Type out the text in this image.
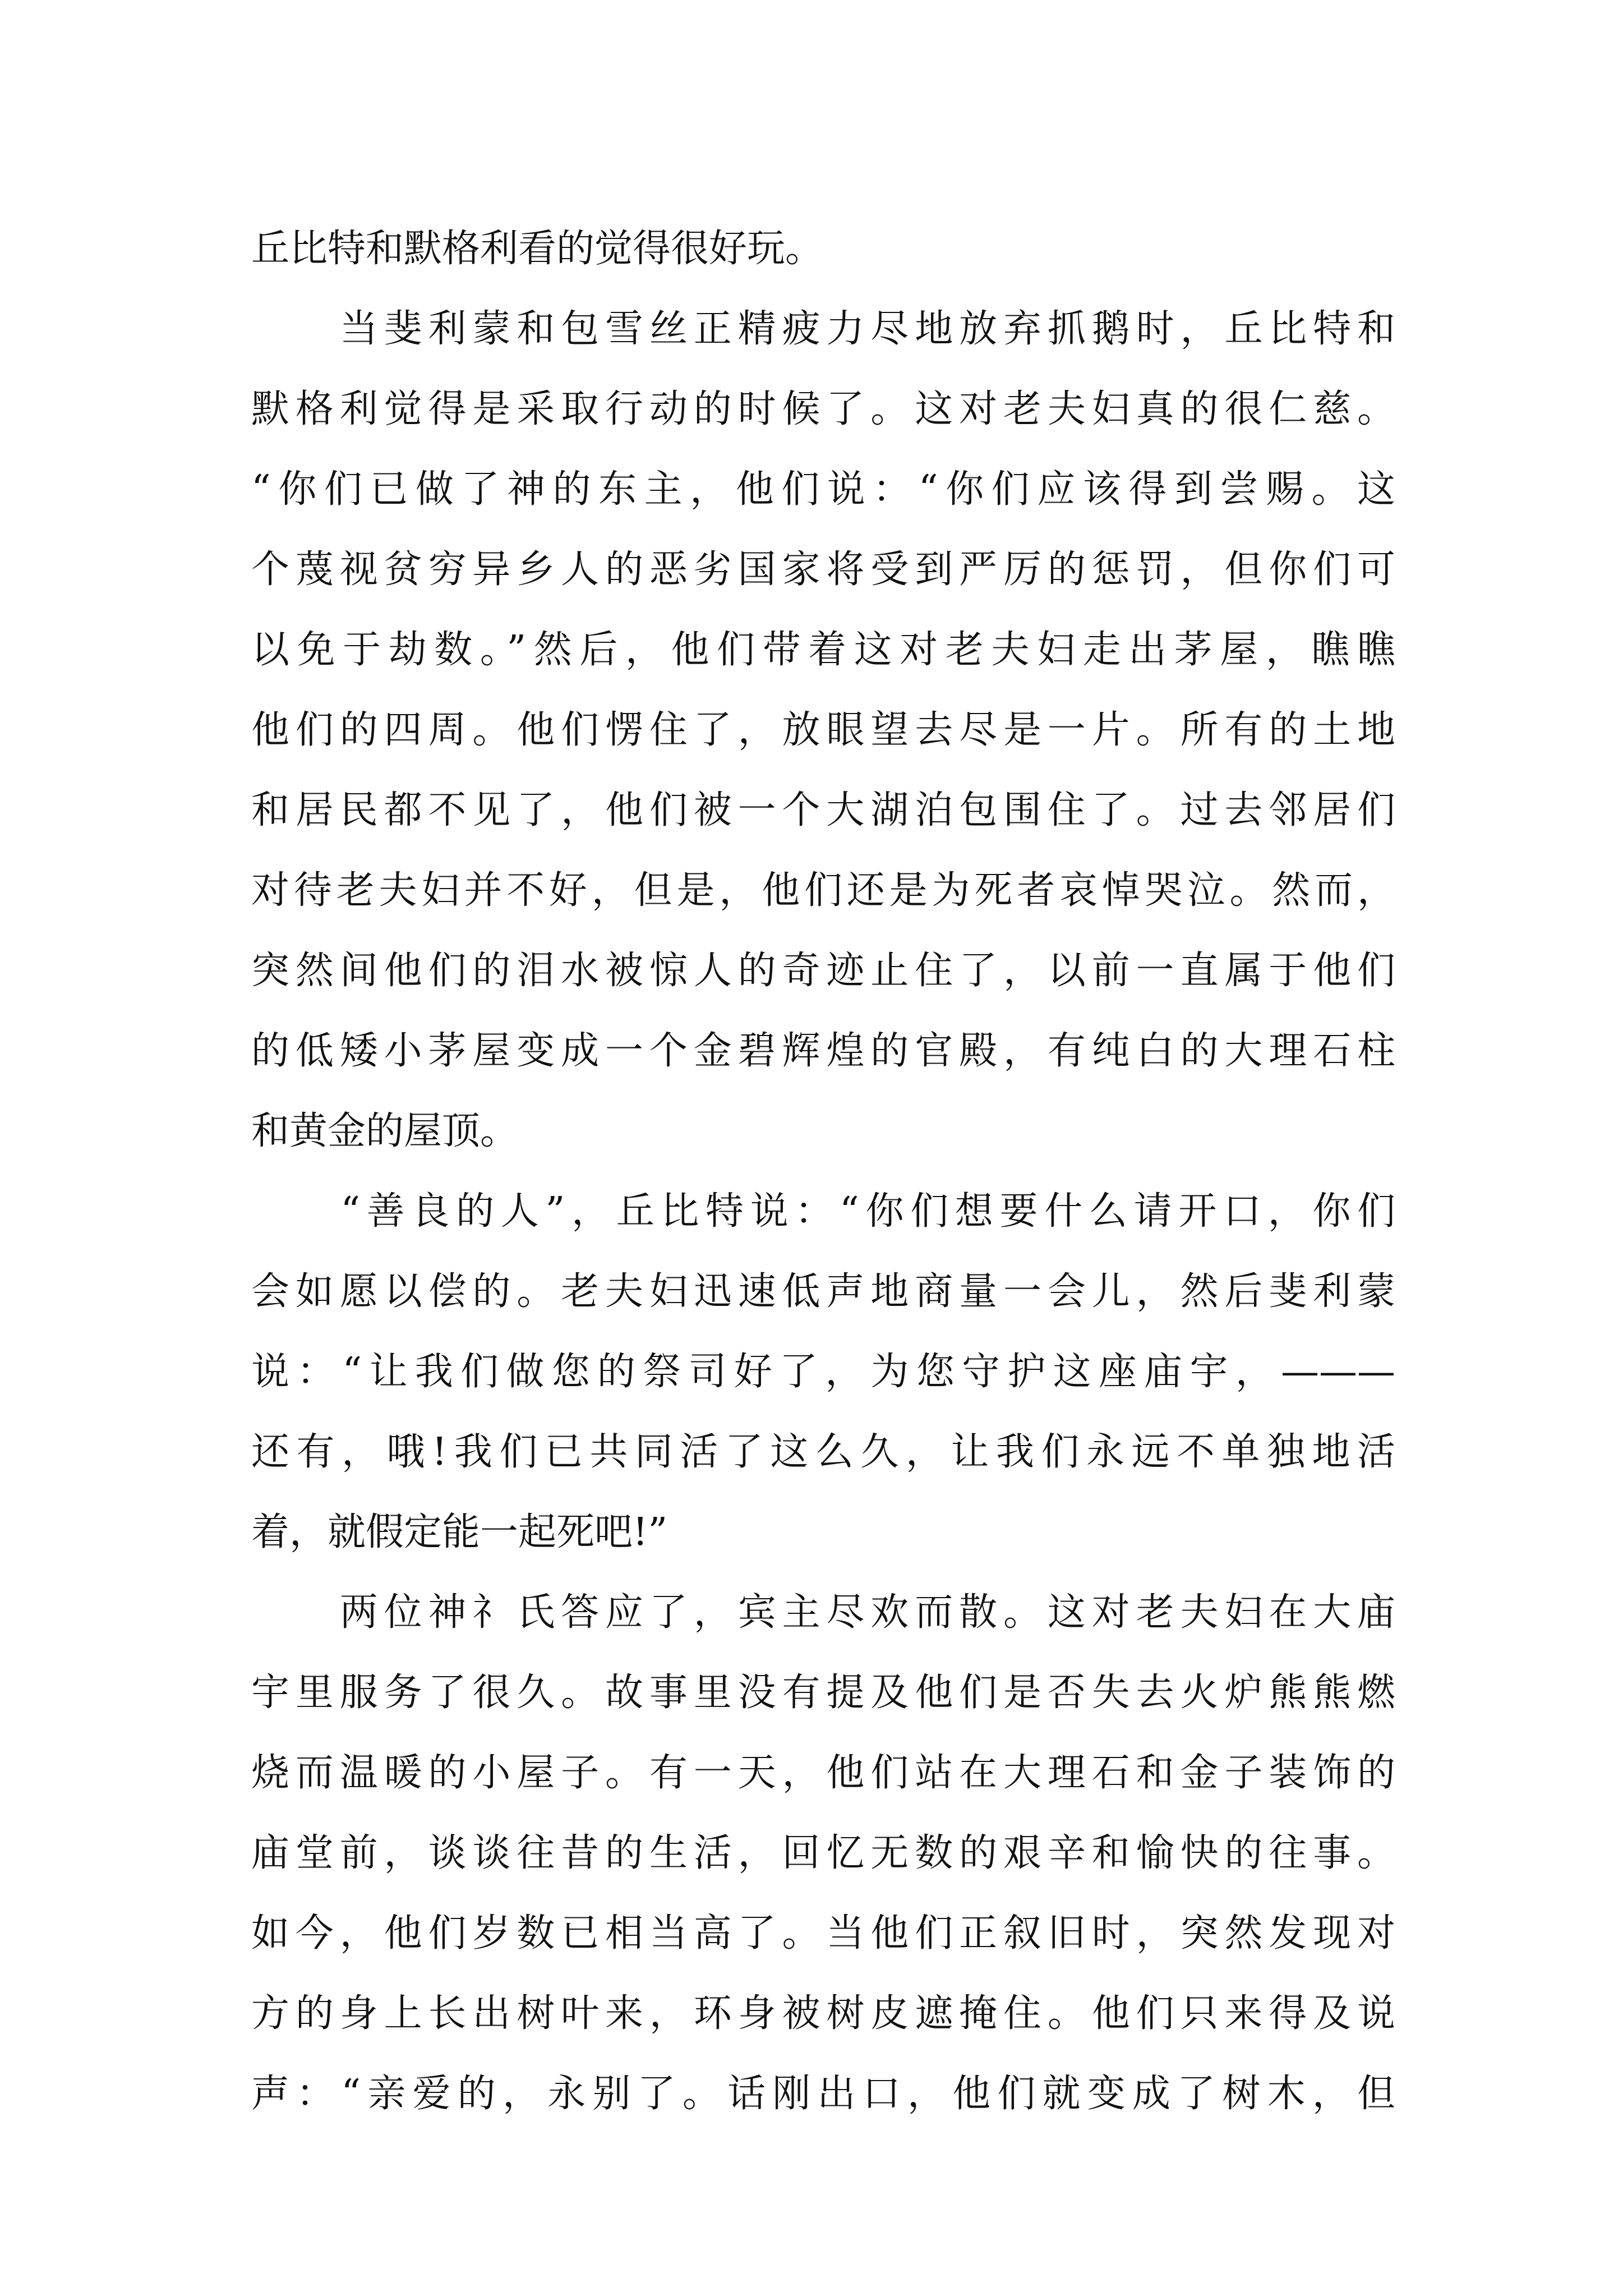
丘比特和默格利看的觉得很好玩。
　　当斐利蒙和包雪丝正精疲力尽地放弃抓鹅时，丘比特和
默格利觉得是采取行动的时候了。这对老夫妇真的很仁慈。
“你们已做了神的东主，他们说：“你们应该得到尝赐。这
个蔑视贫穷异乡人的恶劣国家将受到严厉的惩罚，但你们可
以免于劫数。”然后，他们带着这对老夫妇走出茅屋，瞧瞧
他们的四周。他们愣住了，放眼望去尽是一片。所有的土地
和居民都不见了，他们被一个大湖泊包围住了。过去邻居们
对待老夫妇并不好，但是，他们还是为死者哀悼哭泣。然而，
突然间他们的泪水被惊人的奇迹止住了，以前一直属于他们
的低矮小茅屋变成一个金碧辉煌的官殿，有纯白的大理石柱
和黄金的屋顶。
　　“善良的人”，丘比特说：“你们想要什么请开口，你们
会如愿以偿的。老夫妇迅速低声地商量一会儿，然后斐利蒙
说：“让我们做您的祭司好了，为您守护这座庙宇，———
还有，哦!我们已共同活了这么久，让我们永远不单独地活
着，就假定能一起死吧!”
　　两位神礻氏答应了，宾主尽欢而散。这对老夫妇在大庙
宇里服务了很久。故事里没有提及他们是否失去火炉熊熊燃
烧而温暖的小屋子。有一天，他们站在大理石和金子装饰的
庙堂前，谈谈往昔的生活，回忆无数的艰辛和愉快的往事。
如今，他们岁数已相当高了。当他们正叙旧时，突然发现对
方的身上长出树叶来，环身被树皮遮掩住。他们只来得及说
声：“亲爱的，永别了。话刚出口，他们就变成了树木，但
